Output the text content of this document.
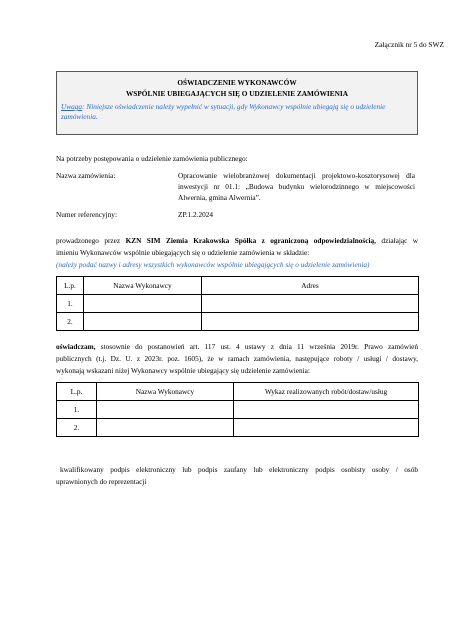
Załącznik nr 5 do SWZ
OŚWIADCZENIE WYKONAWCÓW
WSPÓLNIE UBIEGAJĄCYCH SIĘ O UDZIELENIE ZAMÓWIENIA
Uwaga: Niniejsze oświadczenie należy wypełnić w sytuacji, gdy Wykonawcy wspólnie ubiegają się o udzielenie zamówienia.
Na potrzeby postępowania o udzielenie zamówienia publicznego:
Nazwa zamówienia:	Opracowanie wielobranżowej dokumentacji projektowo-kosztorysowej dla
inwestycji nr 01.1: „Budowa budynku wielorodzinnego w miejscowości
Alwernia, gmina Alwernia”.
Numer referencyjny:	ZP.1.2.2024
prowadzonego przez KZN SIM Ziemia Krakowska Spółka z ograniczoną odpowiedzialnością, działając w
imieniu Wykonawców wspólnie ubiegających się o udzielenie zamówienia w składzie:
(należy podać nazwy i adresy wszystkich wykonawców wspólnie ubiegających się o udzielenie zamówienia)
L.p.	Nazwa Wykonawcy	Adres
1.		
2.		
oświadczam, stosownie do postanowień art. 117 ust. 4 ustawy z dnia 11 września 2019r. Prawo zamówień
publicznych (t.j. Dz. U. z 2023r. poz. 1605), że w ramach zamówienia, następujące roboty / usługi / dostawy,
wykonają wskazani niżej Wykonawcy wspólnie ubiegający się udzielenie zamówienia:
L.p.	Nazwa Wykonawcy	Wykaz realizowanych robót/dostaw/usług
1.		
2.		
kwalifikowany podpis elektroniczny lub podpis zaufany lub elektroniczny podpis osobisty osoby / osób
uprawnionych do reprezentacji
